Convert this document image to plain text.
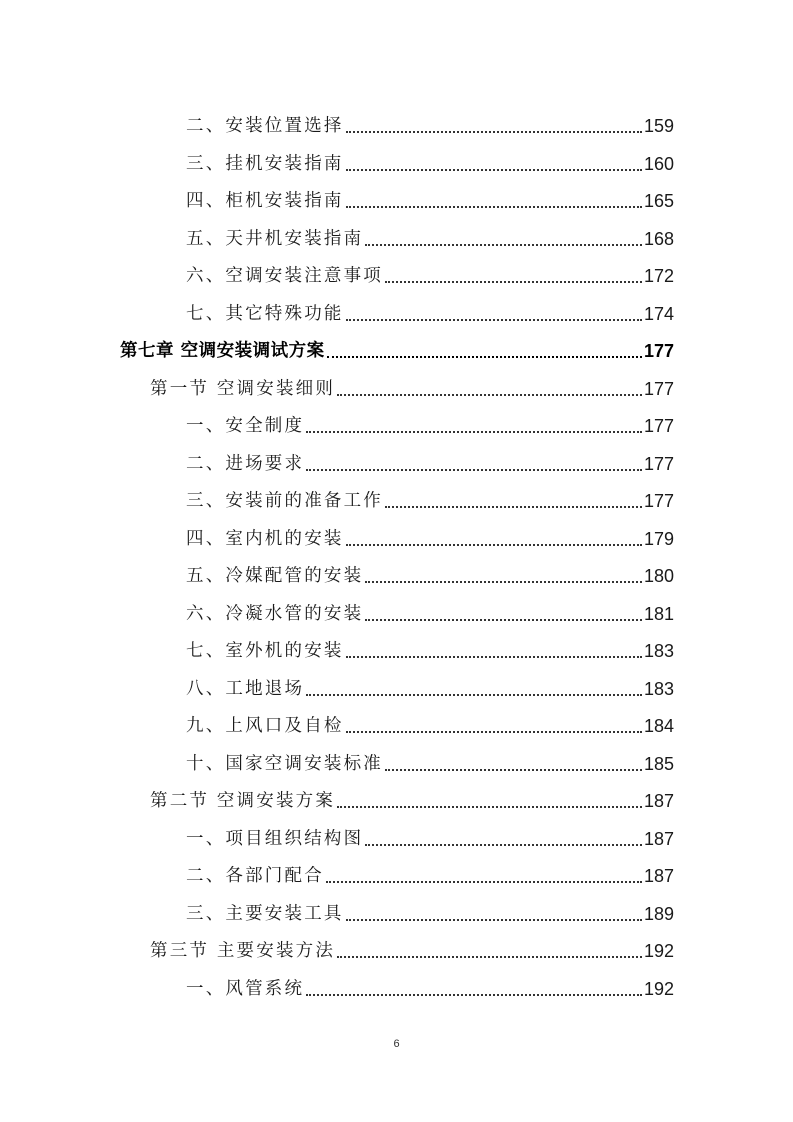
二、安装位置选择	159
三、挂机安装指南	160
四、柜机安装指南	165
五、天井机安装指南	168
六、空调安装注意事项	172
七、其它特殊功能	174
第七章 空调安装调试方案	177
第一节 空调安装细则	177
一、安全制度	177
二、进场要求	177
三、安装前的准备工作	177
四、室内机的安装	179
五、冷媒配管的安装	180
六、冷凝水管的安装	181
七、室外机的安装	183
八、工地退场	183
九、上风口及自检	184
十、国家空调安装标准	185
第二节 空调安装方案	187
一、项目组织结构图	187
二、各部门配合	187
三、主要安装工具	189
第三节 主要安装方法	192
一、风管系统	192
6
